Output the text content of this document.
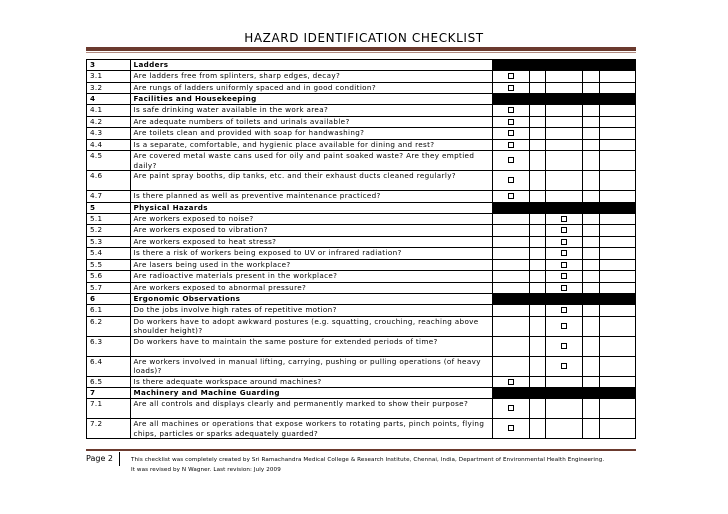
HAZARD IDENTIFICATION CHECKLIST
3	Ladders					
3.1	Are ladders free from splinters, sharp edges, decay?					
3.2	Are rungs of ladders uniformly spaced and in good condition?					
4	Facilities and Housekeeping					
4.1	Is safe drinking water available in the work area?					
4.2	Are adequate numbers of toilets and urinals available?					
4.3	Are toilets clean and provided with soap for handwashing?					
4.4	Is a separate, comfortable, and hygienic place available for dining and rest?					
4.5	Are covered metal waste cans used for oily and paint soaked waste? Are they emptied daily?					
4.6	Are paint spray booths, dip tanks, etc. and their exhaust ducts cleaned regularly?					
4.7	Is there planned as well as preventive maintenance practiced?					
5	Physical Hazards					
5.1	Are workers exposed to noise?					
5.2	Are workers exposed to vibration?					
5.3	Are workers exposed to heat stress?					
5.4	Is there a risk of workers being exposed to UV or infrared radiation?					
5.5	Are lasers being used in the workplace?					
5.6	Are radioactive materials present in the workplace?					
5.7	Are workers exposed to abnormal pressure?					
6	Ergonomic Observations					
6.1	Do the jobs involve high rates of repetitive motion?					
6.2	Do workers have to adopt awkward postures (e.g. squatting, crouching, reaching above shoulder height)?					
6.3	Do workers have to maintain the same posture for extended periods of time?					
6.4	Are workers involved in manual lifting, carrying, pushing or pulling operations (of heavy loads)?					
6.5	Is there adequate workspace around machines?					
7	Machinery and Machine Guarding					
7.1	Are all controls and displays clearly and permanently marked to show their purpose?					
7.2	Are all machines or operations that expose workers to rotating parts, pinch points, flying chips, particles or sparks adequately guarded?					
Page 2	This checklist was completely created by Sri Ramachandra Medical College & Research Institute, Chennai, India, Department of Environmental Health Engineering.
It was revised by N Wagner. Last revision: July 2009
